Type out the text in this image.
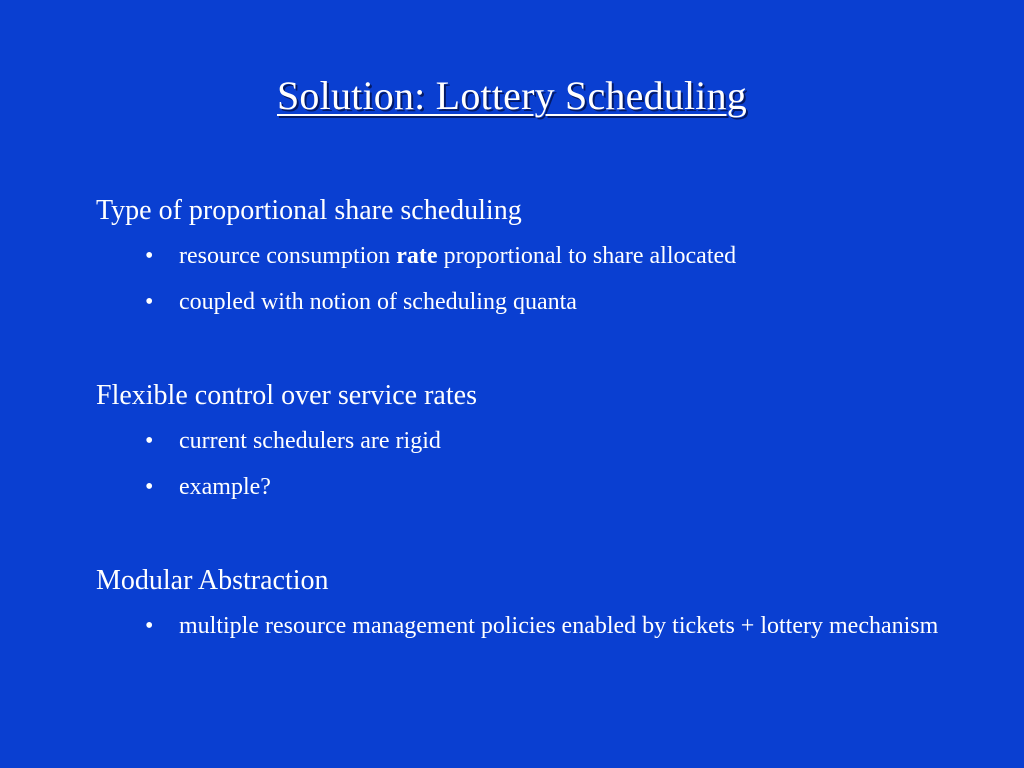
Solution: Lottery Scheduling
Type of proportional share scheduling
•	resource consumption rate proportional to share allocated
•	coupled with notion of scheduling quanta
Flexible control over service rates
•	current schedulers are rigid
•	example?
Modular Abstraction
•	multiple resource management policies enabled by tickets + lottery mechanism
